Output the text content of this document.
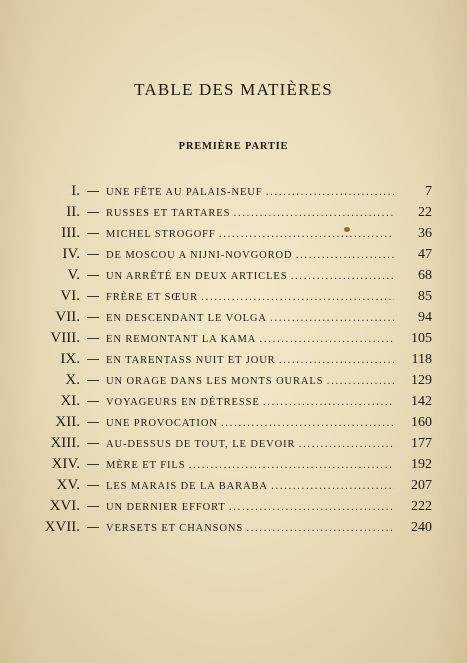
TABLE DES MATIÈRES
PREMIÈRE PARTIE
I. — UNE FÊTE AU PALAIS-NEUF . . .	7
II. — RUSSES ET TARTARES . . .	22
III. — MICHEL STROGOFF . . .	36
IV. — DE MOSCOU A NIJNI-NOVGOROD . . .	47
V. — UN ARRÊTÉ EN DEUX ARTICLES . . .	68
VI. — FRÈRE ET SŒUR . . .	85
VII. — EN DESCENDANT LE VOLGA . . .	94
VIII. — EN REMONTANT LA KAMA . . .	105
IX. — EN TARENTASS NUIT ET JOUR . . .	118
X. — UN ORAGE DANS LES MONTS OURALS . . .	129
XI. — VOYAGEURS EN DÉTRESSE . . .	142
XII. — UNE PROVOCATION . . .	160
XIII. — AU-DESSUS DE TOUT, LE DEVOIR . . .	177
XIV. — MÈRE ET FILS . . .	192
XV. — LES MARAIS DE LA BARABA . . .	207
XVI. — UN DERNIER EFFORT . . .	222
XVII. — VERSETS ET CHANSONS . . .	240
